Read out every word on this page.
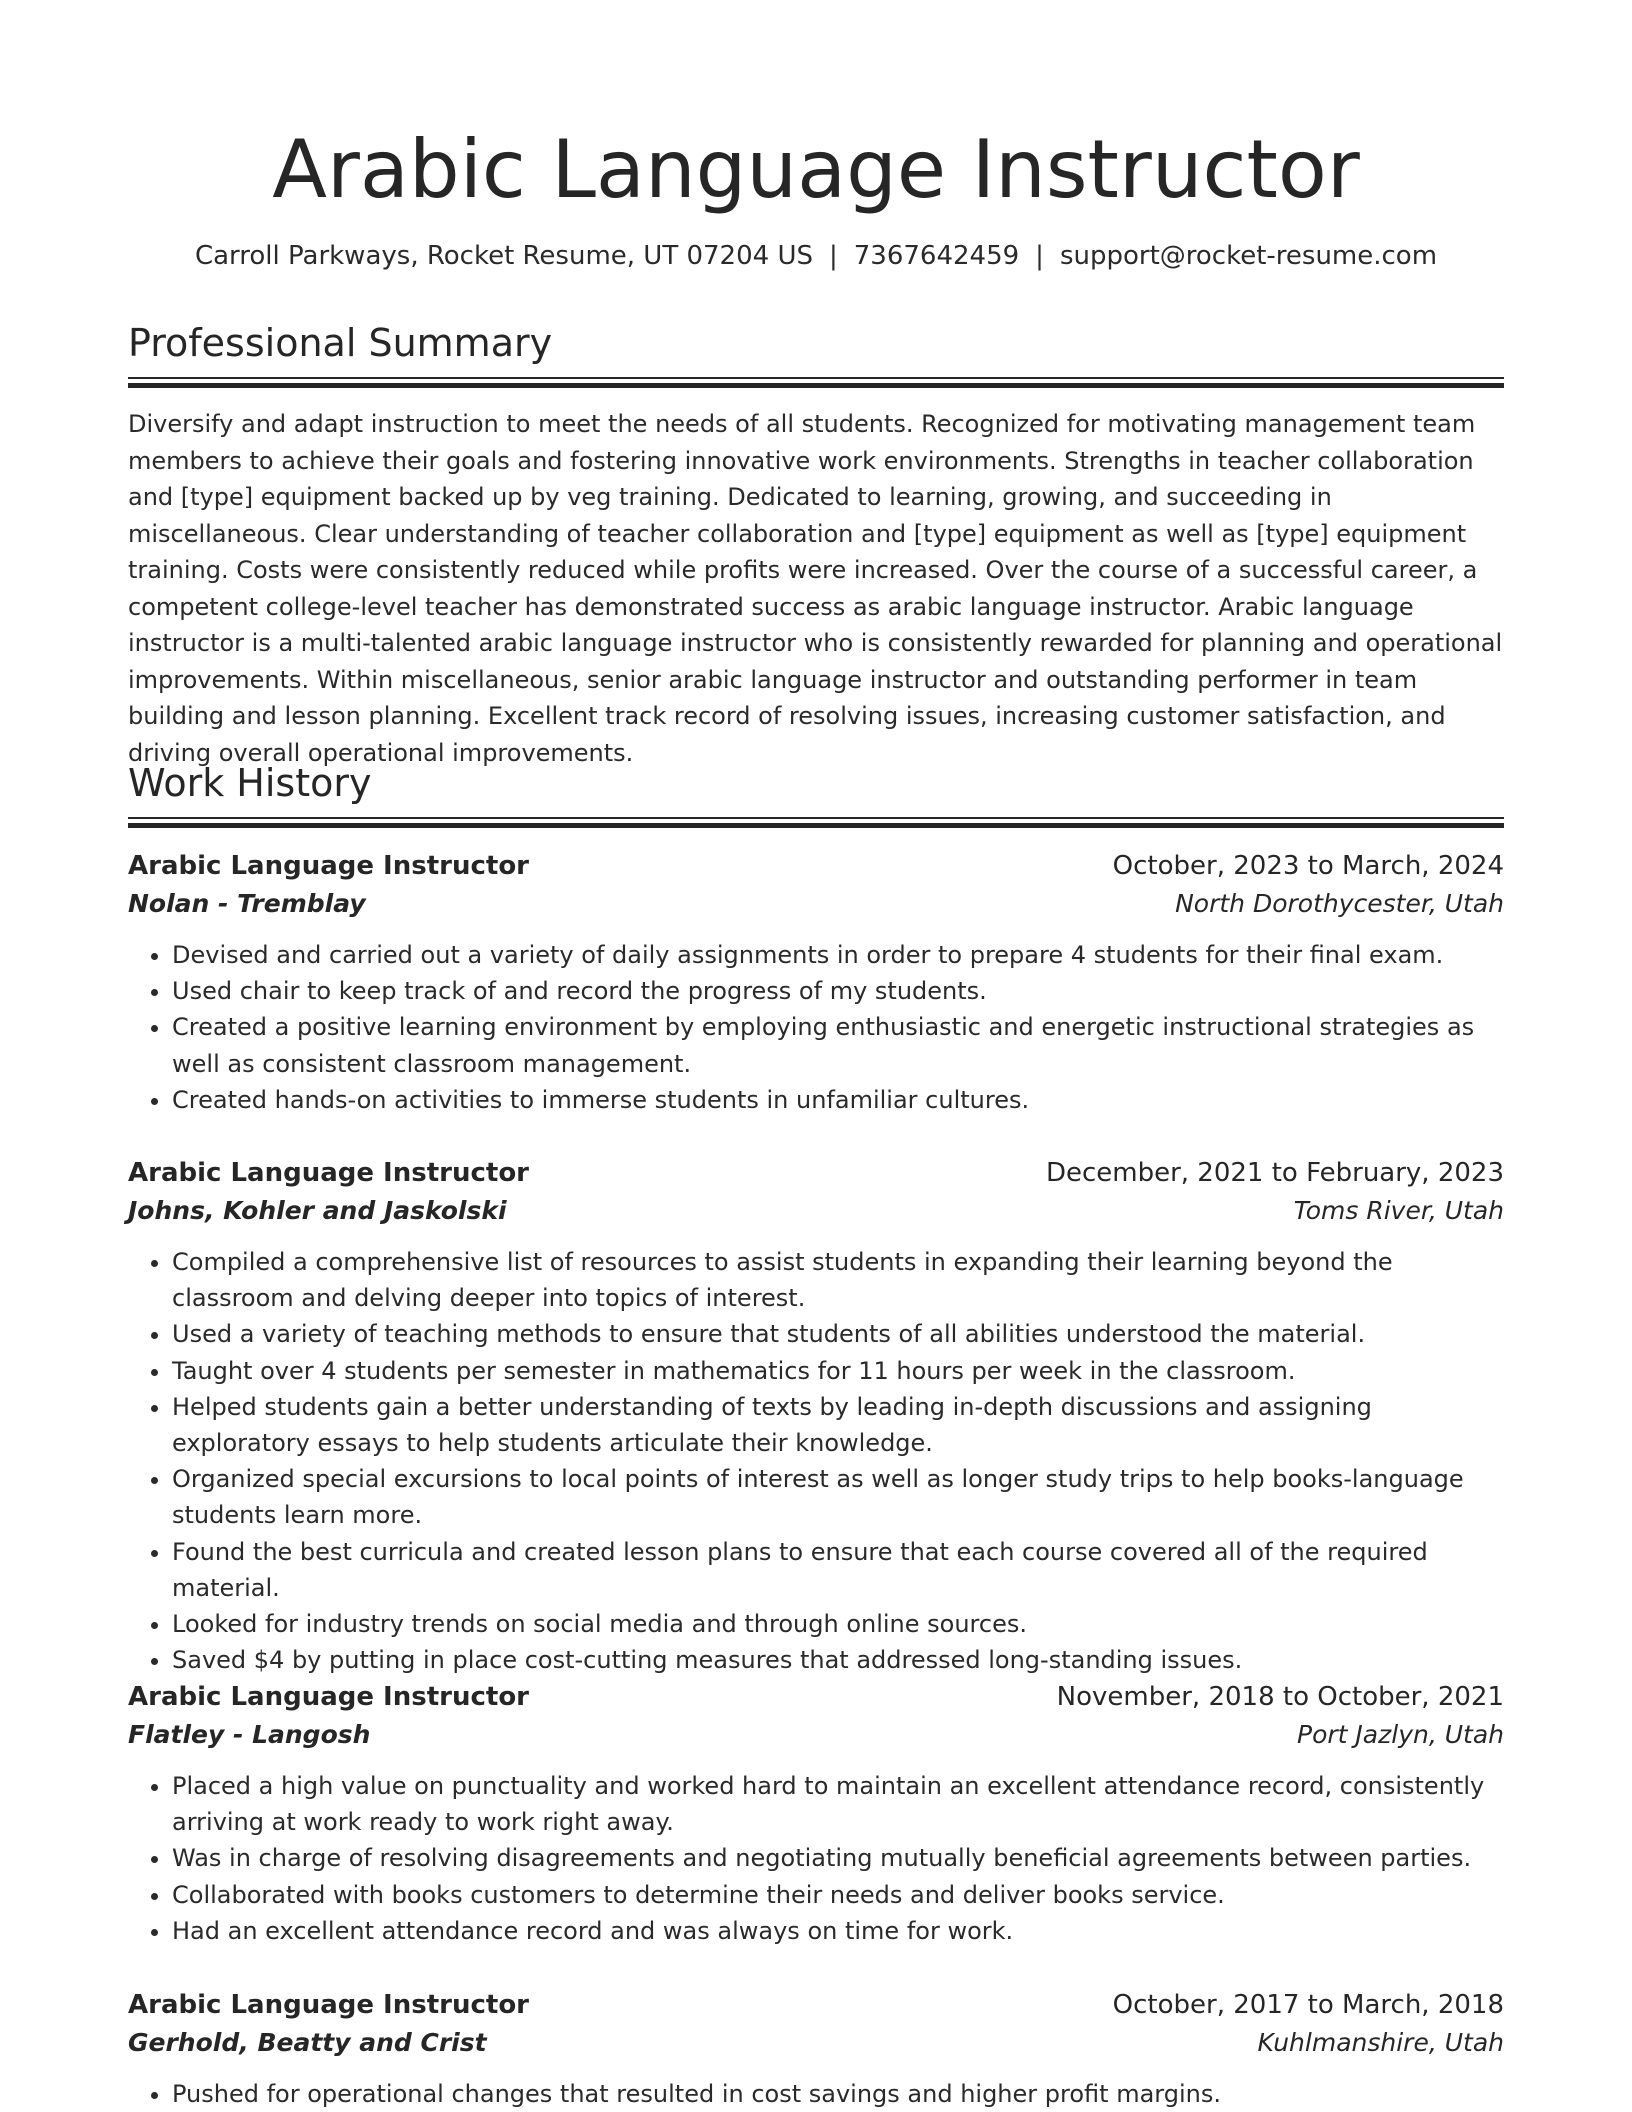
Arabic Language Instructor
Carroll Parkways, Rocket Resume, UT 07204 US | 7367642459 | support@rocket-resume.com
Professional Summary

Diversify and adapt instruction to meet the needs of all students. Recognized for motivating management team members to achieve their goals and fostering innovative work environments. Strengths in teacher collaboration and [type] equipment backed up by veg training. Dedicated to learning, growing, and succeeding in miscellaneous. Clear understanding of teacher collaboration and [type] equipment as well as [type] equipment training. Costs were consistently reduced while profits were increased. Over the course of a successful career, a competent college-level teacher has demonstrated success as arabic language instructor. Arabic language instructor is a multi-talented arabic language instructor who is consistently rewarded for planning and operational improvements. Within miscellaneous, senior arabic language instructor and outstanding performer in team building and lesson planning. Excellent track record of resolving issues, increasing customer satisfaction, and driving overall operational improvements.

Work History
Arabic Language Instructor	October, 2023 to March, 2024
Nolan - Tremblay	North Dorothycester, Utah
• Devised and carried out a variety of daily assignments in order to prepare 4 students for their final exam.
• Used chair to keep track of and record the progress of my students.
• Created a positive learning environment by employing enthusiastic and energetic instructional strategies as well as consistent classroom management.
• Created hands-on activities to immerse students in unfamiliar cultures.
Arabic Language Instructor	December, 2021 to February, 2023
Johns, Kohler and Jaskolski	Toms River, Utah
• Compiled a comprehensive list of resources to assist students in expanding their learning beyond the classroom and delving deeper into topics of interest.
• Used a variety of teaching methods to ensure that students of all abilities understood the material.
• Taught over 4 students per semester in mathematics for 11 hours per week in the classroom.
• Helped students gain a better understanding of texts by leading in-depth discussions and assigning exploratory essays to help students articulate their knowledge.
• Organized special excursions to local points of interest as well as longer study trips to help books-language students learn more.
• Found the best curricula and created lesson plans to ensure that each course covered all of the required material.
• Looked for industry trends on social media and through online sources.
• Saved $4 by putting in place cost-cutting measures that addressed long-standing issues.
Arabic Language Instructor	November, 2018 to October, 2021
Flatley - Langosh	Port Jazlyn, Utah
• Placed a high value on punctuality and worked hard to maintain an excellent attendance record, consistently arriving at work ready to work right away.
• Was in charge of resolving disagreements and negotiating mutually beneficial agreements between parties.
• Collaborated with books customers to determine their needs and deliver books service.
• Had an excellent attendance record and was always on time for work.
Arabic Language Instructor	October, 2017 to March, 2018
Gerhold, Beatty and Crist	Kuhlmanshire, Utah
• Pushed for operational changes that resulted in cost savings and higher profit margins.
